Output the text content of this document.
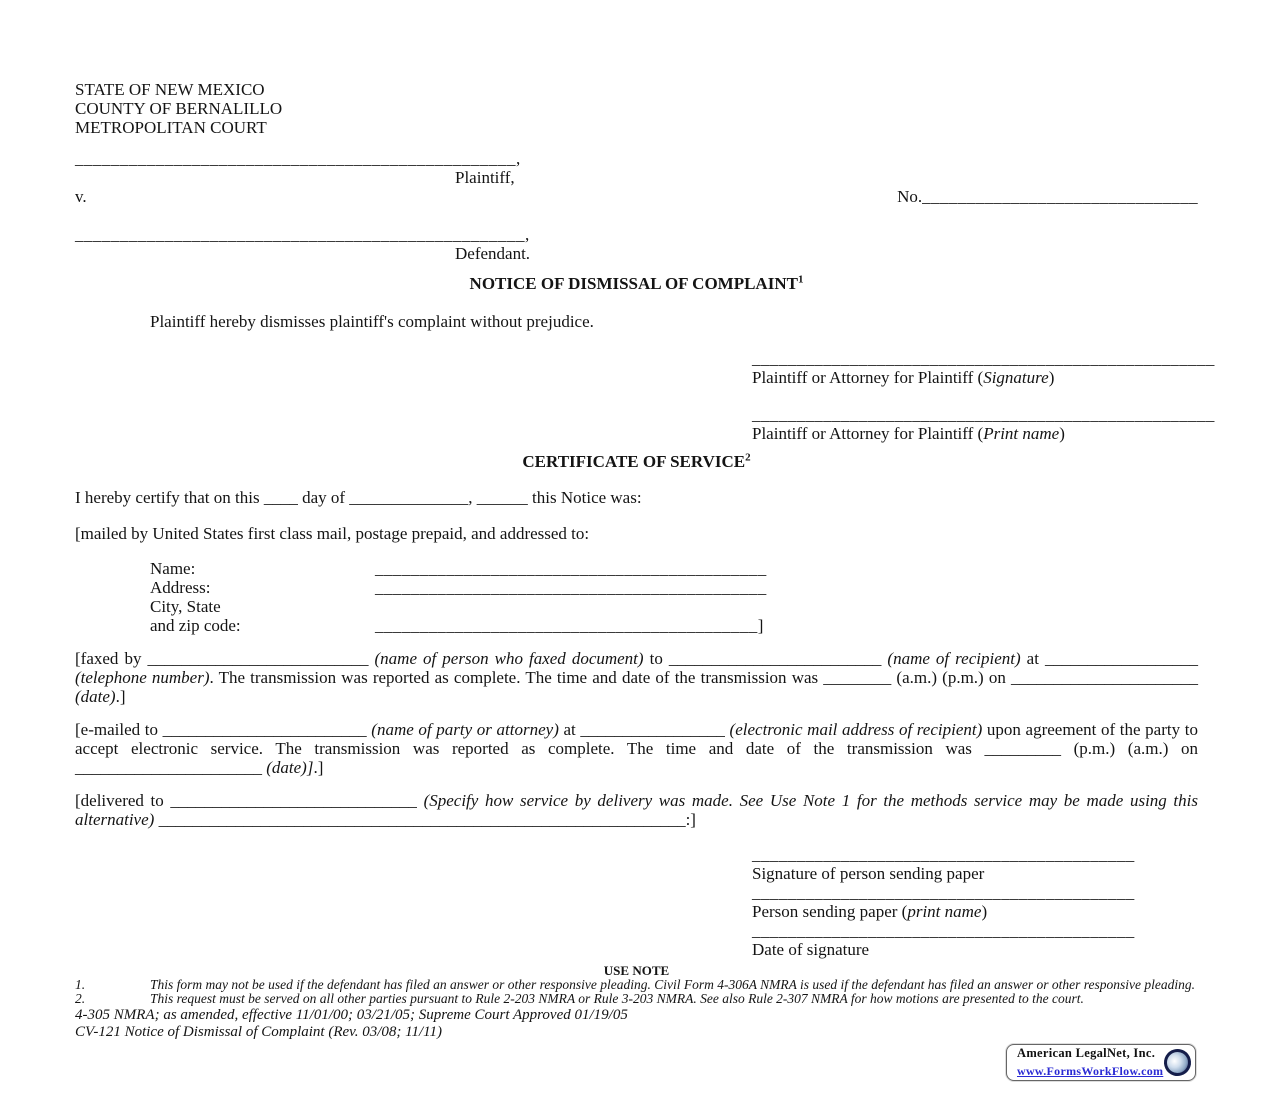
STATE OF NEW MEXICO
COUNTY OF BERNALILLO
METROPOLITAN COURT
_________________________________________________,
Plaintiff,
v.	No._______________________________
__________________________________________________,
Defendant.
NOTICE OF DISMISSAL OF COMPLAINT$^1$

Plaintiff hereby dismisses plaintiff's complaint without prejudice.

____________________________________________________
Plaintiff or Attorney for Plaintiff (Signature)
____________________________________________________
Plaintiff or Attorney for Plaintiff (Print name)
CERTIFICATE OF SERVICE$^2$

I hereby certify that on this ____ day of ______________, ______ this Notice was:

[mailed by United States first class mail, postage prepaid, and addressed to:

Name:	____________________________________________
Address:	____________________________________________
City, State
and zip code:	___________________________________________]

[faxed by __________________________ (name of person who faxed document) to _________________________ (name of recipient) at __________________ (telephone number). The transmission was reported as complete. The time and date of the transmission was ________ (a.m.) (p.m.) on ______________________ (date).]

[e-mailed to ________________________ (name of party or attorney) at _________________ (electronic mail address of recipient) upon agreement of the party to accept electronic service. The transmission was reported as complete. The time and date of the transmission was _________ (p.m.) (a.m.) on ______________________ (date)].]

[delivered to _____________________________ (Specify how service by delivery was made. See Use Note 1 for the methods service may be made using this alternative) ______________________________________________________________:]

___________________________________________
Signature of person sending paper
___________________________________________
Person sending paper (print name)
___________________________________________
Date of signature
USE NOTE
1.	This form may not be used if the defendant has filed an answer or other responsive pleading. Civil Form 4-306A NMRA is used if the defendant has filed an answer or other responsive pleading.
2.	This request must be served on all other parties pursuant to Rule 2-203 NMRA or Rule 3-203 NMRA. See also Rule 2-307 NMRA for how motions are presented to the court.
4-305 NMRA; as amended, effective 11/01/00; 03/21/05; Supreme Court Approved 01/19/05
CV-121 Notice of Dismissal of Complaint (Rev. 03/08; 11/11)
American LegalNet, Inc.
www.FormsWorkFlow.com
